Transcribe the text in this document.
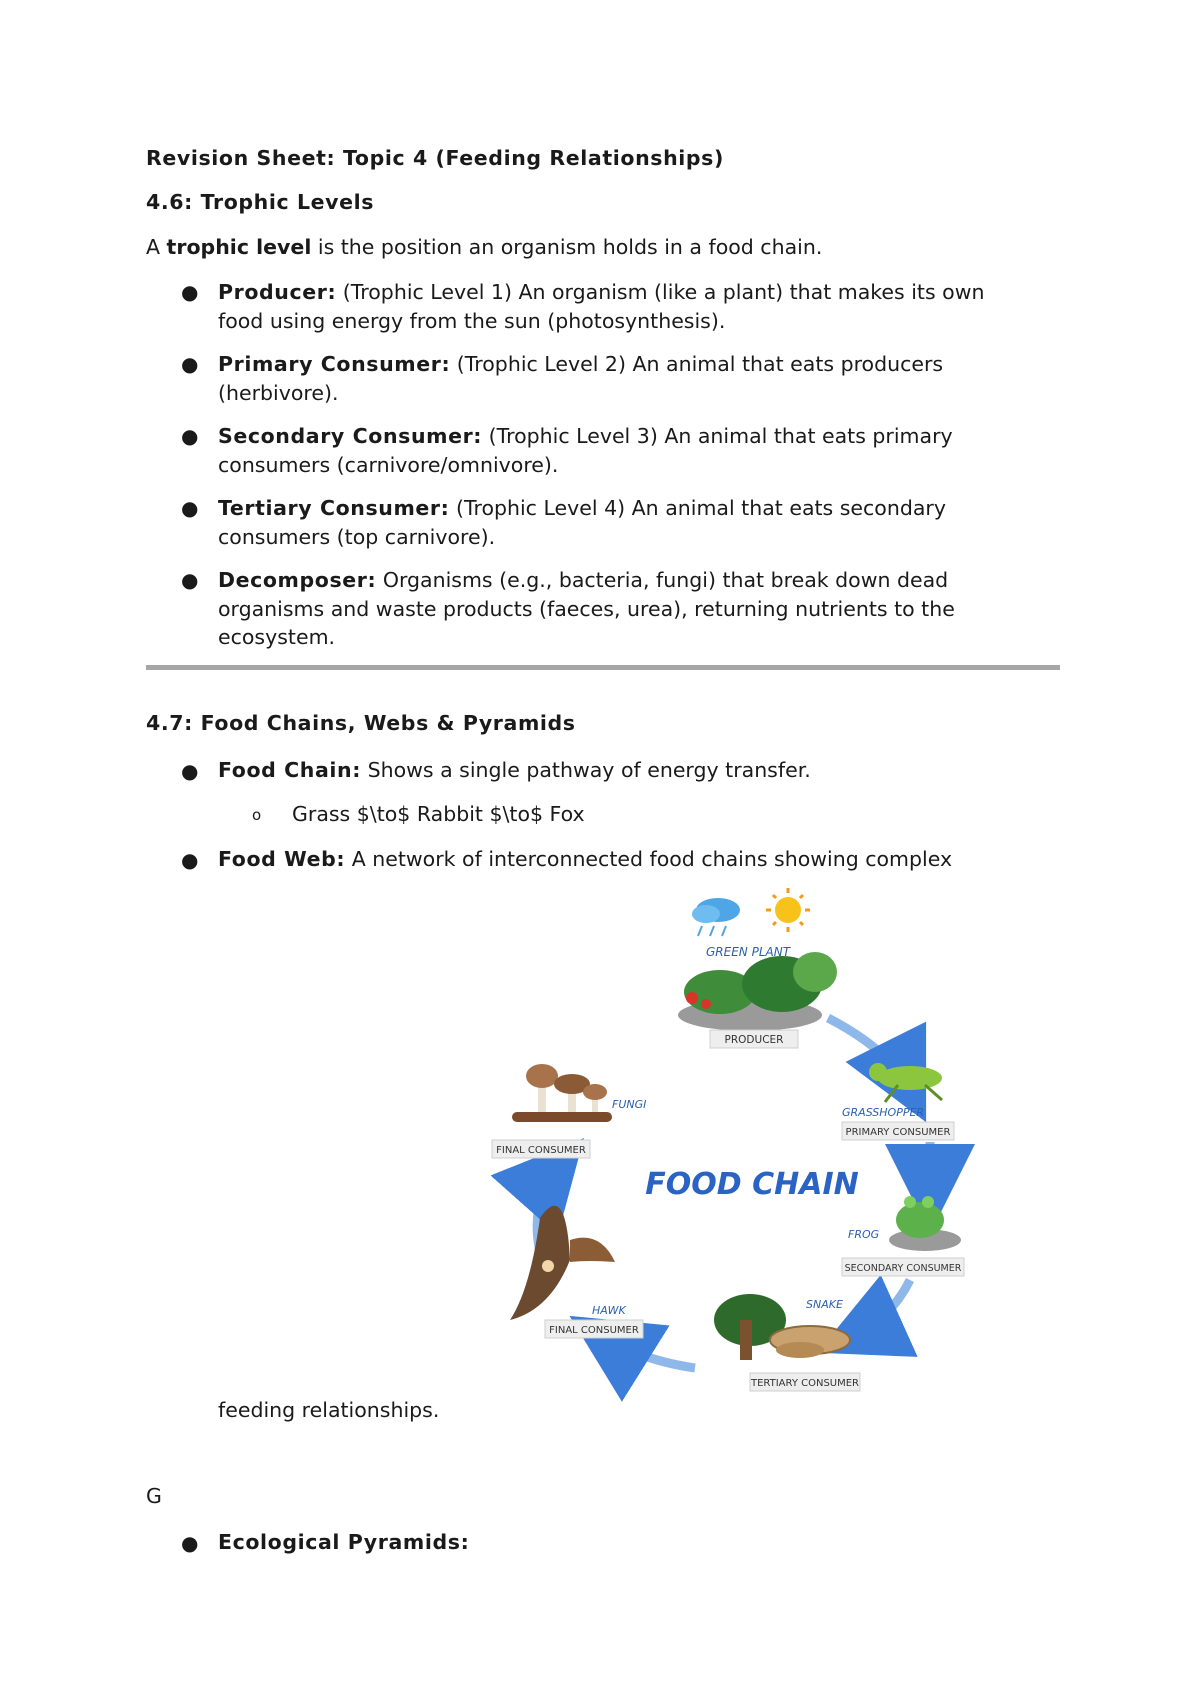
Revision Sheet: Topic 4 (Feeding Relationships)

4.6: Trophic Levels

A trophic level is the position an organism holds in a food chain.

● Producer: (Trophic Level 1) An organism (like a plant) that makes its own
food using energy from the sun (photosynthesis).
● Primary Consumer: (Trophic Level 2) An animal that eats producers
(herbivore).
● Secondary Consumer: (Trophic Level 3) An animal that eats primary
consumers (carnivore/omnivore).
● Tertiary Consumer: (Trophic Level 4) An animal that eats secondary
consumers (top carnivore).
● Decomposer: Organisms (e.g., bacteria, fungi) that break down dead
organisms and waste products (faeces, urea), returning nutrients to the
ecosystem.

4.7: Food Chains, Webs & Pyramids

● Food Chain: Shows a single pathway of energy transfer.
o Grass $\to$ Rabbit $\to$ Fox
● Food Web: A network of interconnected food chains showing complex
GREEN PLANT
PRODUCER
GRASSHOPPER
PRIMARY CONSUMER
FROG
SECONDARY CONSUMER
SNAKE
TERTIARY CONSUMER
HAWK
FINAL CONSUMER
FUNGI
FINAL CONSUMER
FOOD CHAIN
feeding relationships.

G

● Ecological Pyramids:
